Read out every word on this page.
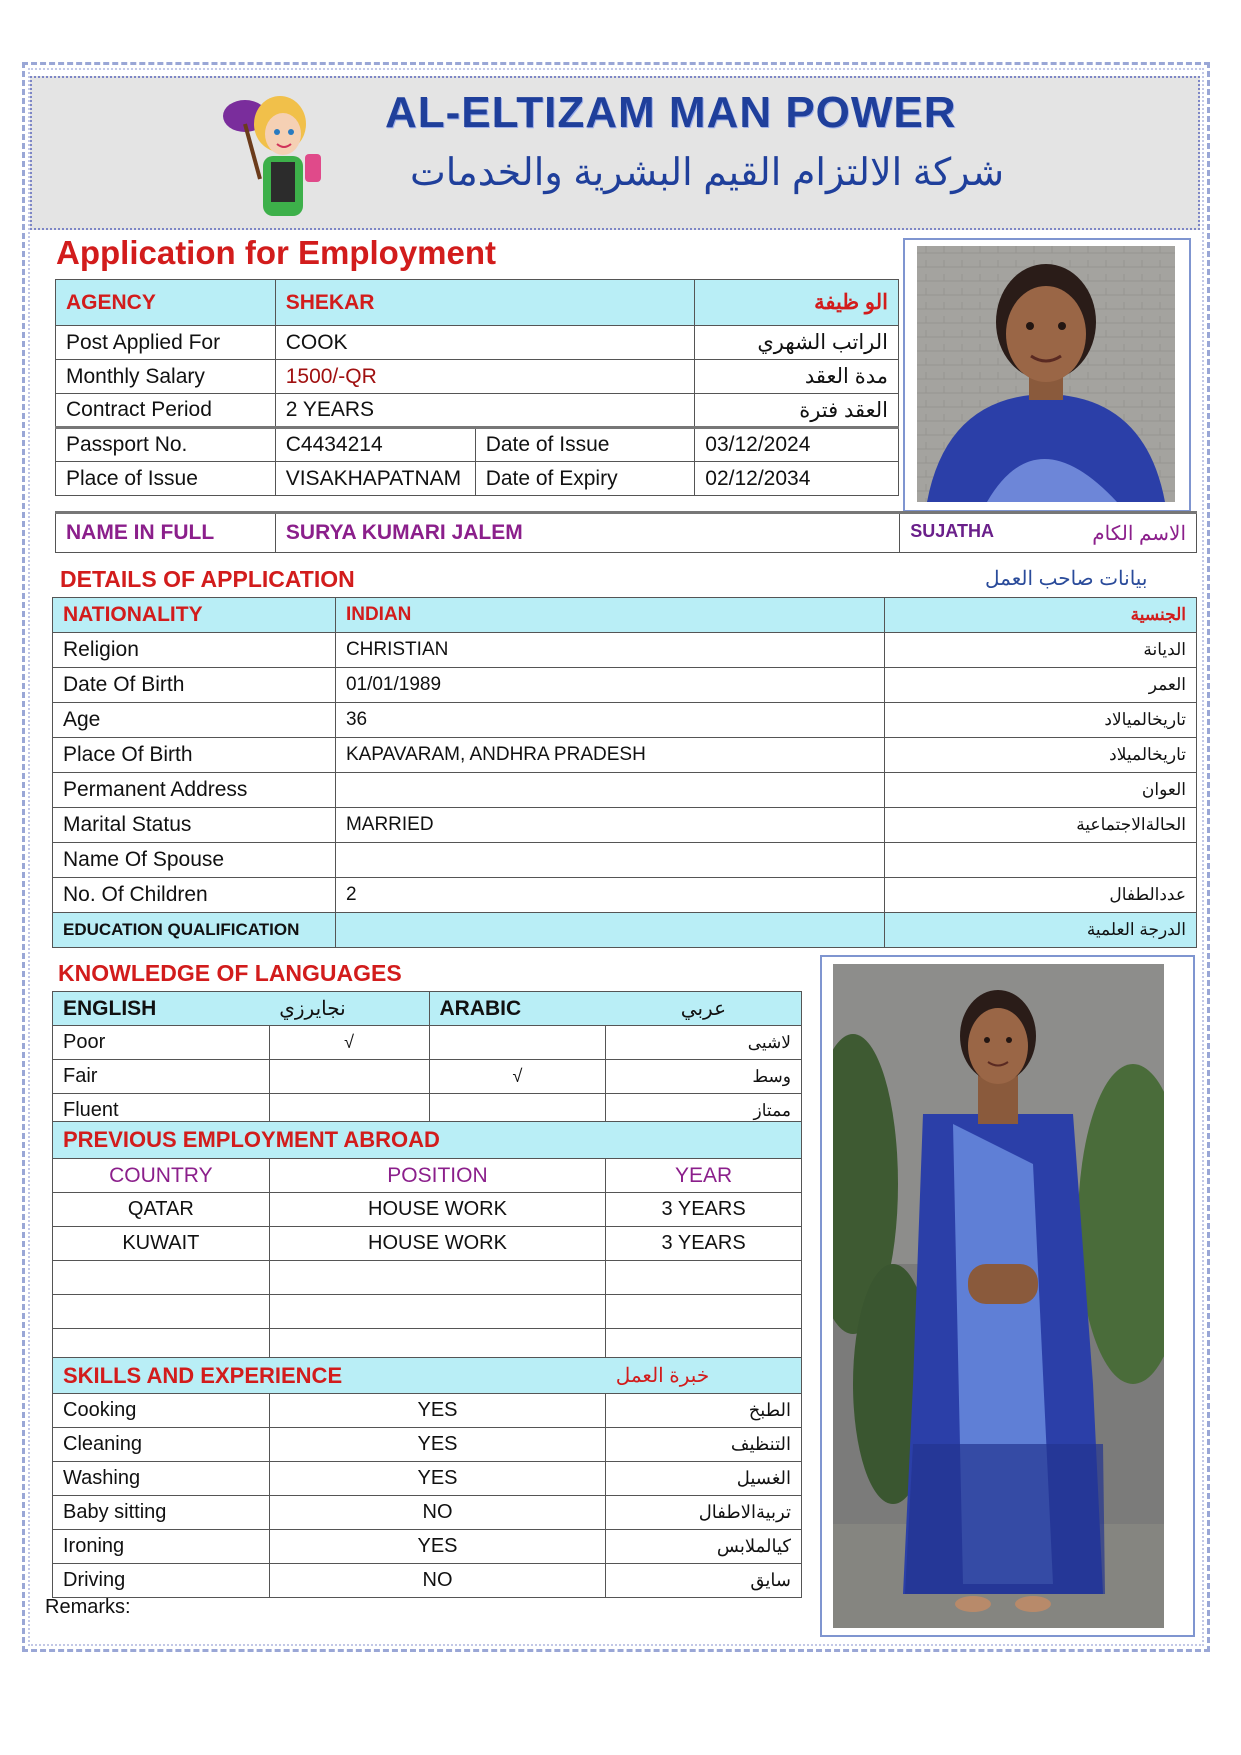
AL-ELTIZAM MAN POWER
شركة الالتزام القيم البشرية والخدمات
Application for Employment
AGENCY	SHEKAR		الو ظيفة
Post Applied For	COOK		الراتب الشهري
Monthly Salary	1500/-QR		مدة العقد
Contract Period	2 YEARS		العقد فترة
Passport No.	C4434214	Date of Issue	03/12/2024
Place of Issue	VISAKHAPATNAM	Date of Expiry	02/12/2034
NAME IN FULL	SURYA KUMARI JALEM	SUJATHA	الاسم الكام
DETAILS OF APPLICATION	بيانات صاحب العمل
NATIONALITY	INDIAN	الجنسية
Religion	CHRISTIAN	الديانة
Date Of Birth	01/01/1989	العمر
Age	36	تاريخالميالاد
Place Of Birth	KAPAVARAM, ANDHRA PRADESH	تاريخالميلاد
Permanent Address		العوان
Marital Status	MARRIED	الحالةالاجتماعية
Name Of Spouse		
No. Of Children	2	عددالطفال
EDUCATION QUALIFICATION		الدرجة العلمية
KNOWLEDGE OF LANGUAGES
ENGLISH	نجايرزي	ARABIC	عربي
Poor	√		لاشيى
Fair		√	وسط
Fluent			ممتاز
PREVIOUS EMPLOYMENT ABROAD		
COUNTRY	POSITION	YEAR
QATAR	HOUSE WORK	3 YEARS
KUWAIT	HOUSE WORK	3 YEARS

SKILLS AND EXPERIENCE		خبرة العمل
Cooking	YES	الطبخ
Cleaning	YES	التنظيف
Washing	YES	الغسيل
Baby sitting	NO	تربيةالاطفال
Ironing	YES	كيالملابس
Driving	NO	سايق
Remarks:
